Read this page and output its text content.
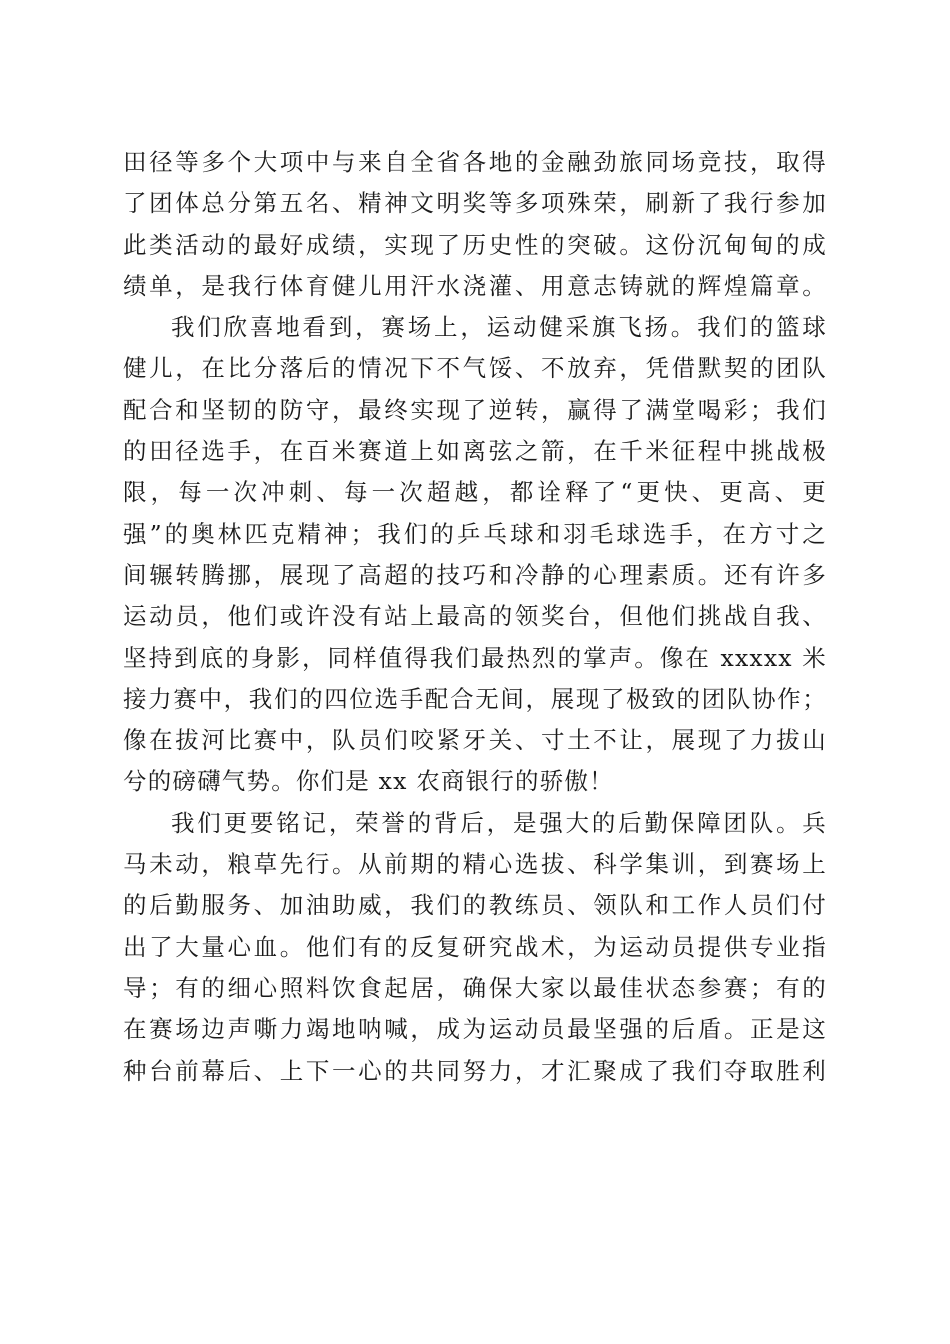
田径等多个大项中与来自全省各地的金融劲旅同场竞技，取得
了团体总分第五名、精神文明奖等多项殊荣，刷新了我行参加
此类活动的最好成绩，实现了历史性的突破。这份沉甸甸的成
绩单，是我行体育健儿用汗水浇灌、用意志铸就的辉煌篇章。
我们欣喜地看到，赛场上，运动健采旗飞扬。我们的篮球
健儿，在比分落后的情况下不气馁、不放弃，凭借默契的团队
配合和坚韧的防守，最终实现了逆转，赢得了满堂喝彩；我们
的田径选手，在百米赛道上如离弦之箭，在千米征程中挑战极
限，每一次冲刺、每一次超越，都诠释了“更快、更高、更
强”的奥林匹克精神；我们的乒乓球和羽毛球选手，在方寸之
间辗转腾挪，展现了高超的技巧和冷静的心理素质。还有许多
运动员，他们或许没有站上最高的领奖台，但他们挑战自我、
坚持到底的身影，同样值得我们最热烈的掌声。像在 xxxxx 米
接力赛中，我们的四位选手配合无间，展现了极致的团队协作；
像在拔河比赛中，队员们咬紧牙关、寸土不让，展现了力拔山
兮的磅礴气势。你们是 xx 农商银行的骄傲！
我们更要铭记，荣誉的背后，是强大的后勤保障团队。兵
马未动，粮草先行。从前期的精心选拔、科学集训，到赛场上
的后勤服务、加油助威，我们的教练员、领队和工作人员们付
出了大量心血。他们有的反复研究战术，为运动员提供专业指
导；有的细心照料饮食起居，确保大家以最佳状态参赛；有的
在赛场边声嘶力竭地呐喊，成为运动员最坚强的后盾。正是这
种台前幕后、上下一心的共同努力，才汇聚成了我们夺取胜利
